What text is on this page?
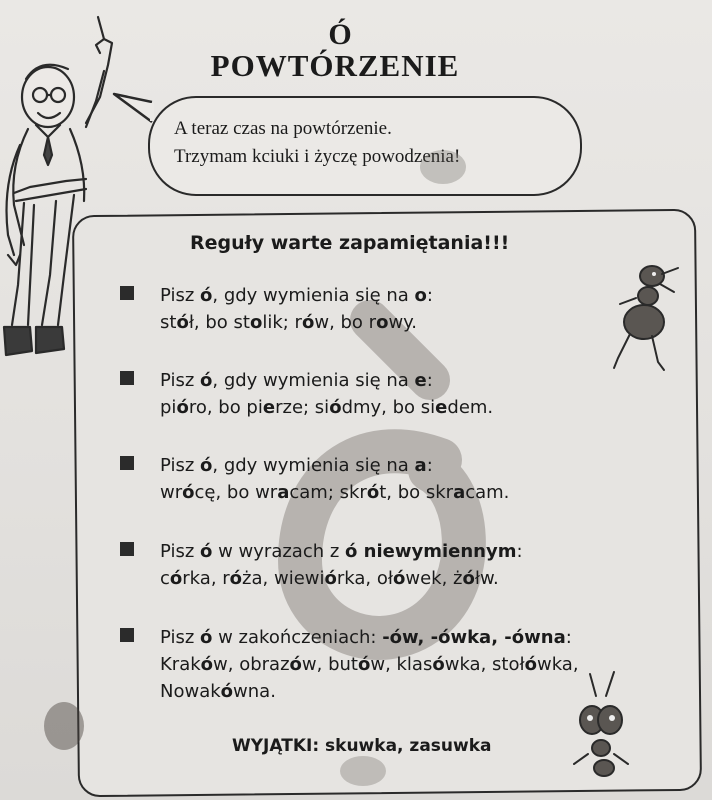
Ó
POWTÓRZENIE
A teraz czas na powtórzenie.
Trzymam kciuki i życzę powodzenia!
Reguły warte zapamiętania!!!
Pisz ó, gdy wymienia się na o:
stół, bo stolik; rów, bo rowy.
Pisz ó, gdy wymienia się na e:
pióro, bo pierze; siódmy, bo siedem.
Pisz ó, gdy wymienia się na a:
wrócę, bo wracam; skrót, bo skracam.
Pisz ó w wyrazach z ó niewymiennym:
córka, róża, wiewiórka, ołówek, żółw.
Pisz ó w zakończeniach: -ów, -ówka, -ówna:
Kraków, obrazów, butów, klasówka, stołówka,
Nowakówna.
WYJĄTKI: skuwka, zasuwka
